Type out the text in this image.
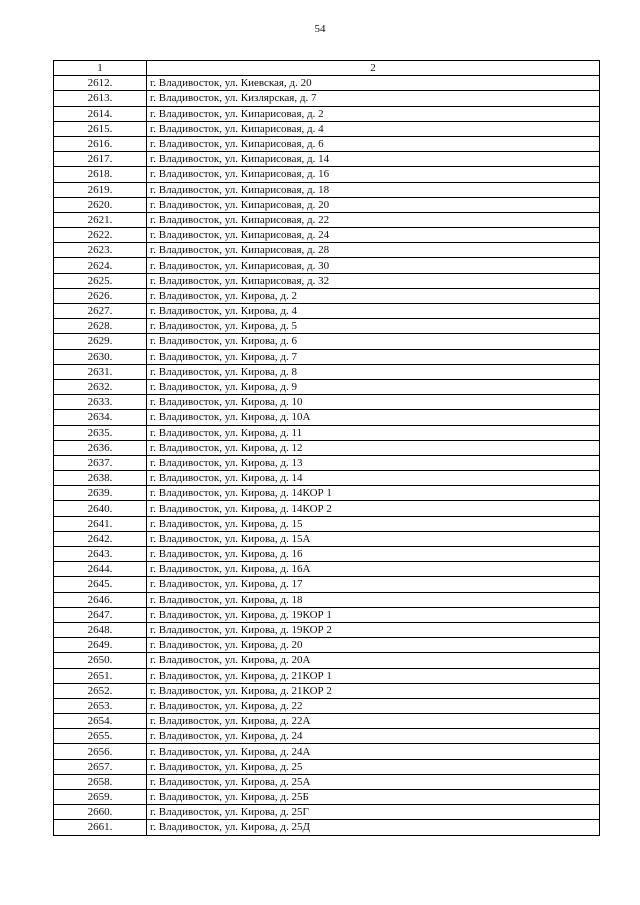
54
1	2
2612.	г. Владивосток, ул. Киевская, д. 20
2613.	г. Владивосток, ул. Кизлярская, д. 7
2614.	г. Владивосток, ул. Кипарисовая, д. 2
2615.	г. Владивосток, ул. Кипарисовая, д. 4
2616.	г. Владивосток, ул. Кипарисовая, д. 6
2617.	г. Владивосток, ул. Кипарисовая, д. 14
2618.	г. Владивосток, ул. Кипарисовая, д. 16
2619.	г. Владивосток, ул. Кипарисовая, д. 18
2620.	г. Владивосток, ул. Кипарисовая, д. 20
2621.	г. Владивосток, ул. Кипарисовая, д. 22
2622.	г. Владивосток, ул. Кипарисовая, д. 24
2623.	г. Владивосток, ул. Кипарисовая, д. 28
2624.	г. Владивосток, ул. Кипарисовая, д. 30
2625.	г. Владивосток, ул. Кипарисовая, д. 32
2626.	г. Владивосток, ул. Кирова, д. 2
2627.	г. Владивосток, ул. Кирова, д. 4
2628.	г. Владивосток, ул. Кирова, д. 5
2629.	г. Владивосток, ул. Кирова, д. 6
2630.	г. Владивосток, ул. Кирова, д. 7
2631.	г. Владивосток, ул. Кирова, д. 8
2632.	г. Владивосток, ул. Кирова, д. 9
2633.	г. Владивосток, ул. Кирова, д. 10
2634.	г. Владивосток, ул. Кирова, д. 10А
2635.	г. Владивосток, ул. Кирова, д. 11
2636.	г. Владивосток, ул. Кирова, д. 12
2637.	г. Владивосток, ул. Кирова, д. 13
2638.	г. Владивосток, ул. Кирова, д. 14
2639.	г. Владивосток, ул. Кирова, д. 14КОР 1
2640.	г. Владивосток, ул. Кирова, д. 14КОР 2
2641.	г. Владивосток, ул. Кирова, д. 15
2642.	г. Владивосток, ул. Кирова, д. 15А
2643.	г. Владивосток, ул. Кирова, д. 16
2644.	г. Владивосток, ул. Кирова, д. 16А
2645.	г. Владивосток, ул. Кирова, д. 17
2646.	г. Владивосток, ул. Кирова, д. 18
2647.	г. Владивосток, ул. Кирова, д. 19КОР 1
2648.	г. Владивосток, ул. Кирова, д. 19КОР 2
2649.	г. Владивосток, ул. Кирова, д. 20
2650.	г. Владивосток, ул. Кирова, д. 20А
2651.	г. Владивосток, ул. Кирова, д. 21КОР 1
2652.	г. Владивосток, ул. Кирова, д. 21КОР 2
2653.	г. Владивосток, ул. Кирова, д. 22
2654.	г. Владивосток, ул. Кирова, д. 22А
2655.	г. Владивосток, ул. Кирова, д. 24
2656.	г. Владивосток, ул. Кирова, д. 24А
2657.	г. Владивосток, ул. Кирова, д. 25
2658.	г. Владивосток, ул. Кирова, д. 25А
2659.	г. Владивосток, ул. Кирова, д. 25Б
2660.	г. Владивосток, ул. Кирова, д. 25Г
2661.	г. Владивосток, ул. Кирова, д. 25Д
